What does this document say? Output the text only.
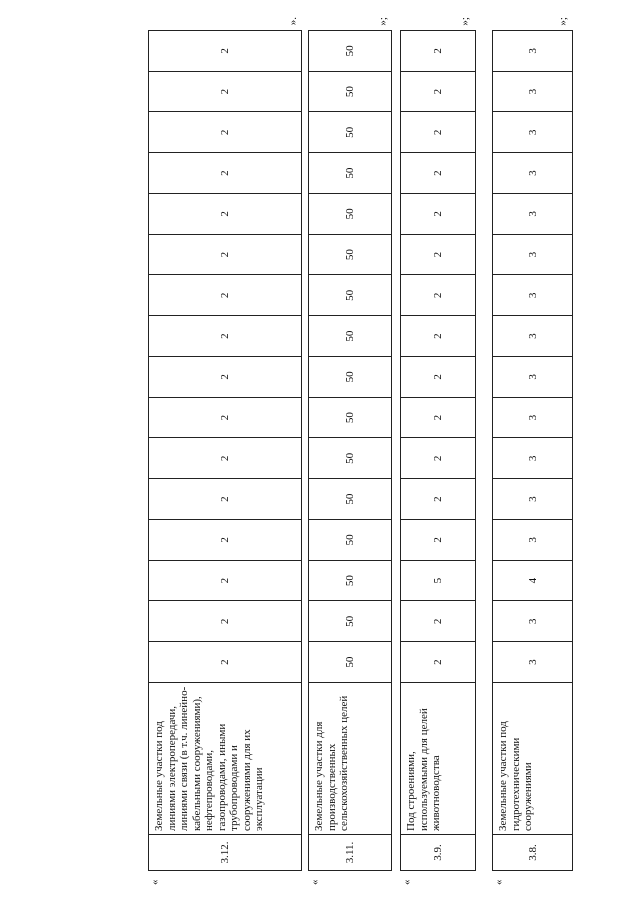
«
3.8.	Земельные участки под гидротехническими сооружениями	3	3	4	3	3	3	3	3	3	3	3	3	3	3	3	3
»;
«
3.9.	Под строениями, используемыми для целей животноводства	2	2	5	2	2	2	2	2	2	2	2	2	2	2	2	2
»;
«
3.11.	Земельные участки для производственных сельскохозяйственных целей	50	50	50	50	50	50	50	50	50	50	50	50	50	50	50	50
»;
«
3.12.	Земельные участки под линиями электропередачи, линиями связи (в т.ч. линейно-кабельными сооружениями), нефтепроводами, газопроводами, иными трубопроводами и сооружениями для их эксплуатации	2	2	2	2	2	2	2	2	2	2	2	2	2	2	2	2
».
